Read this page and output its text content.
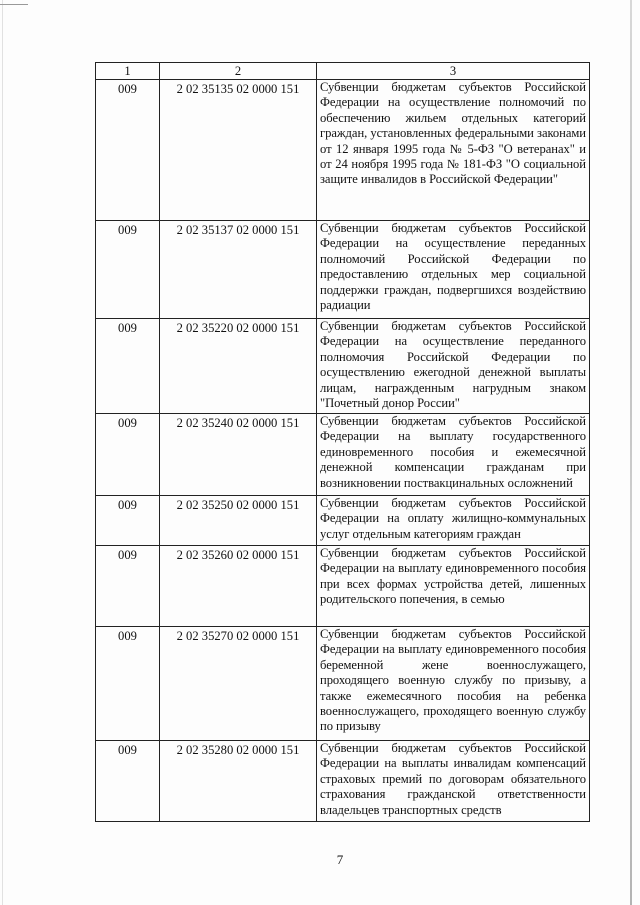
1	2	3
009	2 02 35135 02 0000 151	Субвенции бюджетам субъектов Российской Федерации на осуществление полномочий по обеспечению жильем отдельных категорий граждан, установленных федеральными законами от 12 января 1995 года № 5-ФЗ "О ветеранах" и от 24 ноября 1995 года № 181-ФЗ "О социальной защите инвалидов в Российской Федерации"
009	2 02 35137 02 0000 151	Субвенции бюджетам субъектов Российской Федерации на осуществление переданных полномочий Российской Федерации по предоставлению отдельных мер социальной поддержки граждан, подвергшихся воздействию радиации
009	2 02 35220 02 0000 151	Субвенции бюджетам субъектов Российской Федерации на осуществление переданного полномочия Российской Федерации по осуществлению ежегодной денежной выплаты лицам, награжденным нагрудным знаком "Почетный донор России"
009	2 02 35240 02 0000 151	Субвенции бюджетам субъектов Российской Федерации на выплату государственного единовременного пособия и ежемесячной денежной компенсации гражданам при возникновении поствакцинальных осложнений
009	2 02 35250 02 0000 151	Субвенции бюджетам субъектов Российской Федерации на оплату жилищно-коммунальных услуг отдельным категориям граждан
009	2 02 35260 02 0000 151	Субвенции бюджетам субъектов Российской Федерации на выплату единовременного пособия при всех формах устройства детей, лишенных родительского попечения, в семью
009	2 02 35270 02 0000 151	Субвенции бюджетам субъектов Российской Федерации на выплату единовременного пособия беременной жене военнослужащего, проходящего военную службу по призыву, а также ежемесячного пособия на ребенка военнослужащего, проходящего военную службу по призыву
009	2 02 35280 02 0000 151	Субвенции бюджетам субъектов Российской Федерации на выплаты инвалидам компенсаций страховых премий по договорам обязательного страхования гражданской ответственности владельцев транспортных средств
7
